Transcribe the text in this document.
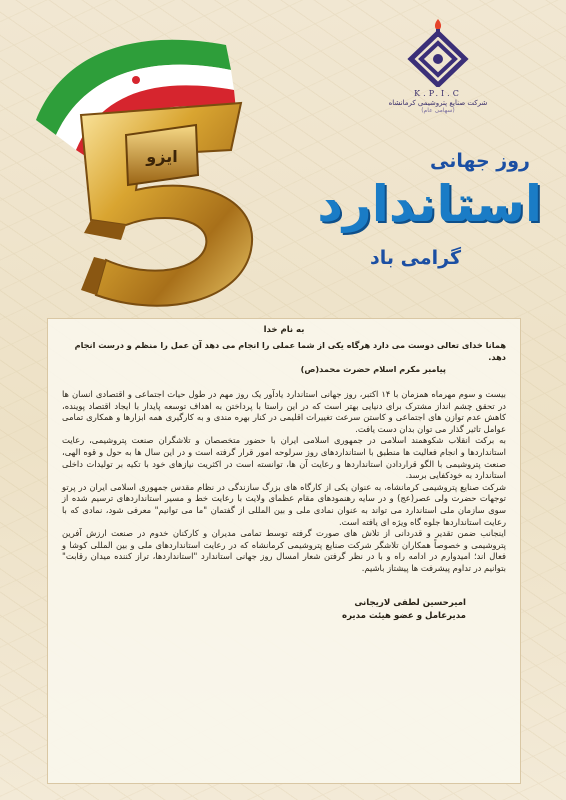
ایزو
K.P.I.C
شرکت صنایع پتروشیمی کرمانشاه
(سهامی عام)
روز جهانی
استاندارد
گرامی باد
به نام خدا
همانا خدای تعالی دوست می دارد هرگاه یکی از شما عملی را انجام می دهد آن عمل را منظم و درست انجام دهد.
پیامبر مکرم اسلام حضرت محمد(ص)

بیست و سوم مهرماه همزمان با ۱۴ اکتبر، روز جهانی استاندارد یادآور یک روز مهم در طول حیات اجتماعی و اقتصادی انسان ها در تحقق چشم انداز مشترک برای دنیایی بهتر است که در این راستا با پرداختن به اهداف توسعه پایدار با ایجاد اقتصاد پوینده، کاهش عدم توازن های اجتماعی و کاستن سرعت تغییرات اقلیمی در کنار بهره مندی و به کارگیری همه ابزارها و همکاری تمامی عوامل تاثیر گذار می توان بدان دست یافت.

به برکت انقلاب شکوهمند اسلامی در جمهوری اسلامی ایران با حضور متخصصان و تلاشگران صنعت پتروشیمی، رعایت استانداردها و انجام فعالیت ها منطبق با استانداردهای روز سرلوحه امور قرار گرفته است و در این سال ها به حول و قوه الهی، صنعت پتروشیمی با الگو قراردادن استانداردها و رعایت آن ها، توانسته است در اکثریت نیازهای خود با تکیه بر تولیدات داخلی استاندارد به خودکفایی برسد.

شرکت صنایع پتروشیمی کرمانشاه، به عنوان یکی از کارگاه های بزرگ سازندگی در نظام مقدس جمهوری اسلامی ایران در پرتو توجهات حضرت ولی عصر(عج) و در سایه رهنمودهای مقام عظمای ولایت با رعایت خط و مسیر استانداردهای ترسیم شده از سوی سازمان ملی استاندارد می تواند به عنوان نمادی ملی و بین المللی از گفتمان "ما می توانیم" معرفی شود، نمادی که با رعایت استانداردها جلوه گاه ویژه ای یافته است.

اینجانب ضمن تقدیر و قدردانی از تلاش های صورت گرفته توسط تمامی مدیران و کارکنان خدوم در صنعت ارزش آفرین پتروشیمی و خصوصاً همکاران تلاشگر شرکت صنایع پتروشیمی کرمانشاه که در رعایت استانداردهای ملی و بین المللی کوشا و فعال اند؛ امیدوارم در ادامه راه و با در نظر گرفتن شعار امسال روز جهانی استاندارد "استانداردها، تراز کننده میدان رقابت" بتوانیم در تداوم پیشرفت ها پیشتاز باشیم.

امیرحسین لطفی لاریجانی
مدیرعامل و عضو هیئت مدیره
